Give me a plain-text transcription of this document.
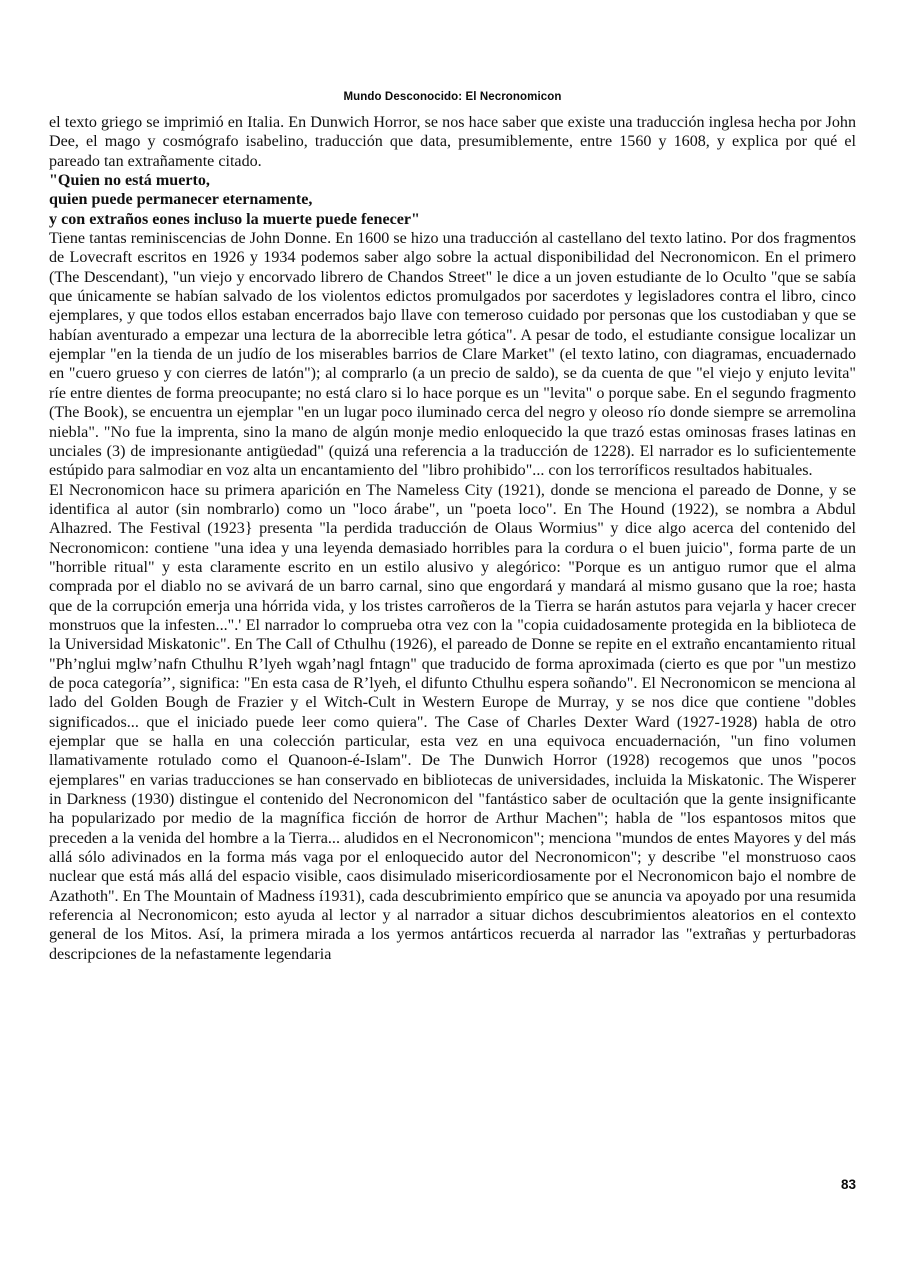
Mundo Desconocido: El Necronomicon

el texto griego se imprimió en Italia. En Dunwich Horror, se nos hace saber que existe una traducción inglesa hecha por John Dee, el mago y cosmógrafo isabelino, traducción que data, presumiblemente, entre 1560 y 1608, y explica por qué el pareado tan extrañamente citado.

"Quien no está muerto,
quien puede permanecer eternamente,
y con extraños eones incluso la muerte puede fenecer"

Tiene tantas reminiscencias de John Donne. En 1600 se hizo una traducción al castellano del texto latino. Por dos fragmentos de Lovecraft escritos en 1926 y 1934 podemos saber algo sobre la actual disponibilidad del Necronomicon. En el primero (The Descendant), "un viejo y encorvado librero de Chandos Street" le dice a un joven estudiante de lo Oculto "que se sabía que únicamente se habían salvado de los violentos edictos promulgados por sacerdotes y legisladores contra el libro, cinco ejemplares, y que todos ellos estaban encerrados bajo llave con temeroso cuidado por personas que los custodiaban y que se habían aventurado a empezar una lectura de la aborrecible letra gótica". A pesar de todo, el estudiante consigue localizar un ejemplar "en la tienda de un judío de los miserables barrios de Clare Market" (el texto latino, con diagramas, encuadernado en "cuero grueso y con cierres de latón"); al comprarlo (a un precio de saldo), se da cuenta de que "el viejo y enjuto levita" ríe entre dientes de forma preocupante; no está claro si lo hace porque es un "levita" o porque sabe. En el segundo fragmento (The Book), se encuentra un ejemplar "en un lugar poco iluminado cerca del negro y oleoso río donde siempre se arremolina niebla". "No fue la imprenta, sino la mano de algún monje medio enloquecido la que trazó estas ominosas frases latinas en unciales (3) de impresionante antigüedad" (quizá una referencia a la traducción de 1228). El narrador es lo suficientemente estúpido para salmodiar en voz alta un encantamiento del "libro prohibido"... con los terroríficos resultados habituales.

El Necronomicon hace su primera aparición en The Nameless City (1921), donde se menciona el pareado de Donne, y se identifica al autor (sin nombrarlo) como un "loco árabe", un "poeta loco". En The Hound (1922), se nombra a Abdul Alhazred. The Festival (1923} presenta "la perdida traducción de Olaus Wormius" y dice algo acerca del contenido del Necronomicon: contiene "una idea y una leyenda demasiado horribles para la cordura o el buen juicio", forma parte de un "horrible ritual" y esta claramente escrito en un estilo alusivo y alegórico: "Porque es un antiguo rumor que el alma comprada por el diablo no se avivará de un barro carnal, sino que engordará y mandará al mismo gusano que la roe; hasta que de la corrupción emerja una hórrida vida, y los tristes carroñeros de la Tierra se harán astutos para vejarla y hacer crecer monstruos que la infesten...".' El narrador lo comprueba otra vez con la "copia cuidadosamente protegida en la biblioteca de la Universidad Miskatonic". En The Call of Cthulhu (1926), el pareado de Donne se repite en el extraño encantamiento ritual "Ph’nglui mglw’nafn Cthulhu R’lyeh wgah’nagl fntagn" que traducido de forma aproximada (cierto es que por "un mestizo de poca categoría’’, significa: "En esta casa de R’lyeh, el difunto Cthulhu espera soñando". El Necronomicon se menciona al lado del Golden Bough de Frazier y el Witch-Cult in Western Europe de Murray, y se nos dice que contiene "dobles significados... que el iniciado puede leer como quiera". The Case of Charles Dexter Ward (1927-1928) habla de otro ejemplar que se halla en una colección particular, esta vez en una equivoca encuadernación, "un fino volumen llamativamente rotulado como el Quanoon-é-Islam". De The Dunwich Horror (1928) recogemos que unos "pocos ejemplares" en varias traducciones se han conservado en bibliotecas de universidades, incluida la Miskatonic. The Wisperer in Darkness (1930) distingue el contenido del Necronomicon del "fantástico saber de ocultación que la gente insignificante ha popularizado por medio de la magnífica ficción de horror de Arthur Machen"; habla de "los espantosos mitos que preceden a la venida del hombre a la Tierra... aludidos en el Necronomicon"; menciona "mundos de entes Mayores y del más allá sólo adivinados en la forma más vaga por el enloquecido autor del Necronomicon"; y describe "el monstruoso caos nuclear que está más allá del espacio visible, caos disimulado misericordiosamente por el Necronomicon bajo el nombre de Azathoth". En The Mountain of Madness í1931), cada descubrimiento empírico que se anuncia va apoyado por una resumida referencia al Necronomicon; esto ayuda al lector y al narrador a situar dichos descubrimientos aleatorios en el contexto general de los Mitos. Así, la primera mirada a los yermos antárticos recuerda al narrador las "extrañas y perturbadoras descripciones de la nefastamente legendaria

83
